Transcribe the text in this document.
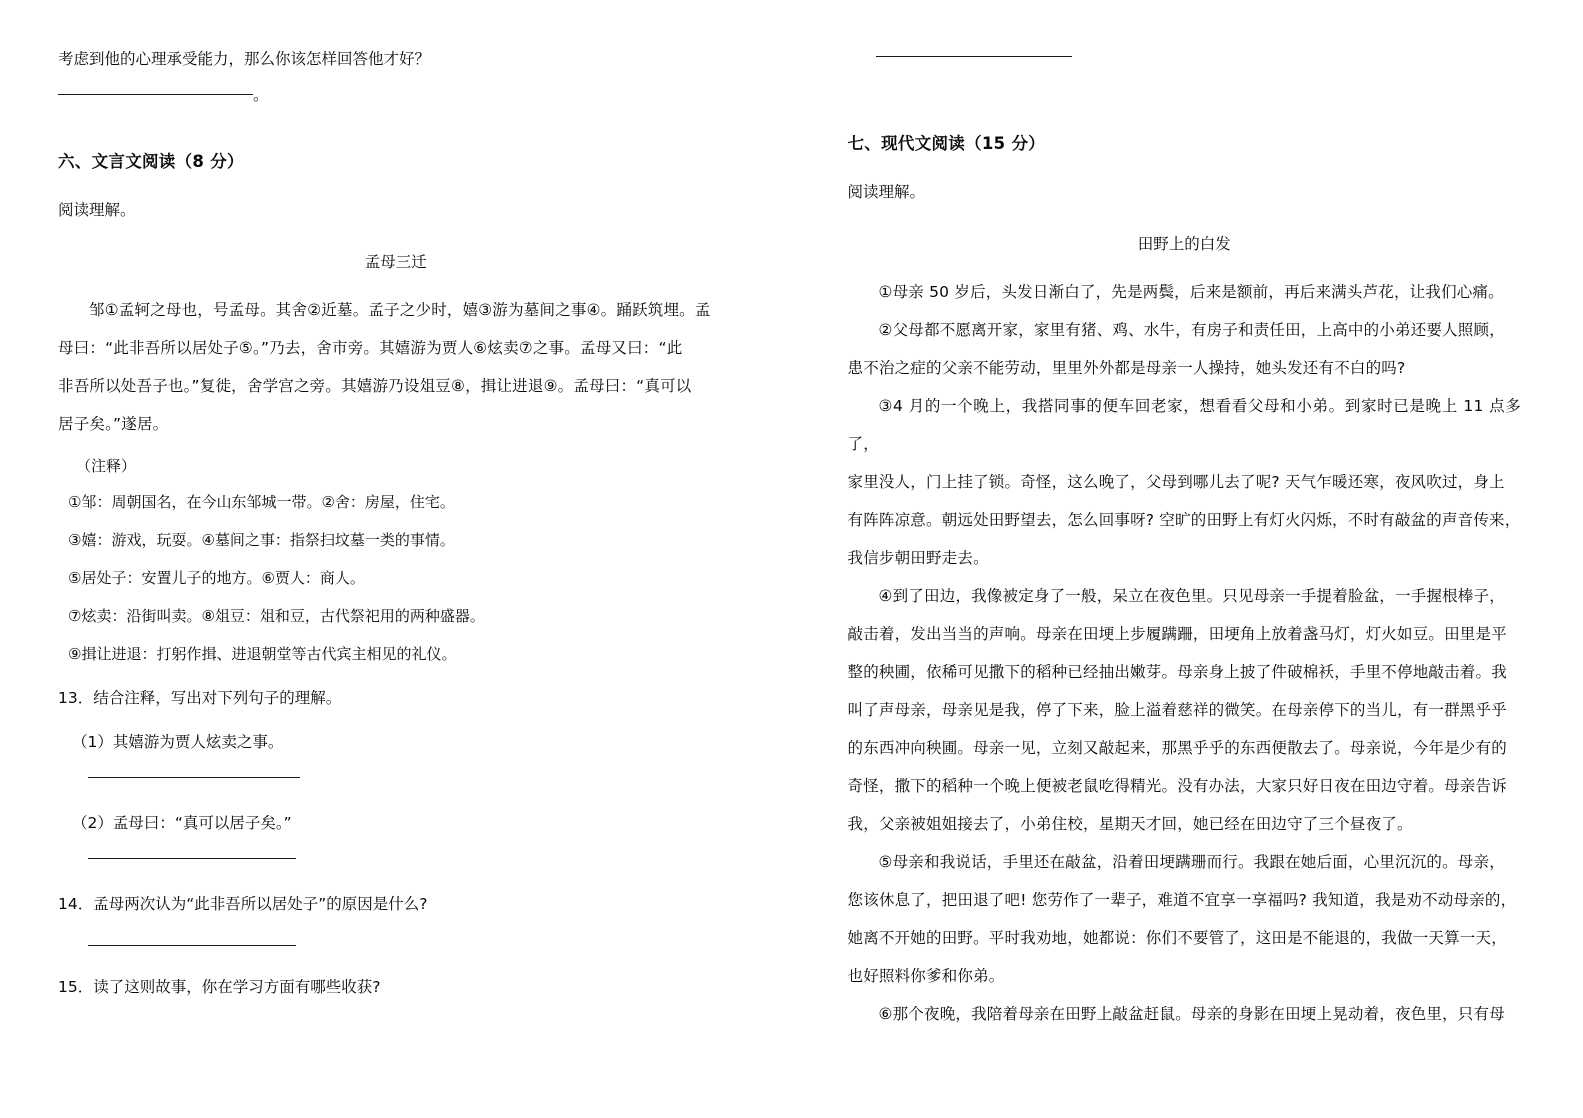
考虑到他的心理承受能力，那么你该怎样回答他才好？

。

六、文言文阅读（8 分）

阅读理解。

孟母三迁

邹①孟轲之母也，号孟母。其舍②近墓。孟子之少时，嬉③游为墓间之事④。踊跃筑埋。孟

母曰：“此非吾所以居处子⑤。”乃去，舍市旁。其嬉游为贾人⑥炫卖⑦之事。孟母又曰：“此

非吾所以处吾子也。”复徙，舍学宫之旁。其嬉游乃设俎豆⑧，揖让进退⑨。孟母曰：“真可以

居子矣。”遂居。

（注释）

①邹：周朝国名，在今山东邹城一带。②舍：房屋，住宅。

③嬉：游戏，玩耍。④墓间之事：指祭扫坟墓一类的事情。

⑤居处子：安置儿子的地方。⑥贾人：商人。

⑦炫卖：沿街叫卖。⑧俎豆：俎和豆，古代祭祀用的两种盛器。

⑨揖让进退：打躬作揖、进退朝堂等古代宾主相见的礼仪。

13．结合注释，写出对下列句子的理解。

（1）其嬉游为贾人炫卖之事。

（2）孟母曰：“真可以居子矣。”

14．孟母两次认为“此非吾所以居处子”的原因是什么?

15．读了这则故事，你在学习方面有哪些收获?

七、现代文阅读（15 分）

阅读理解。

田野上的白发

①母亲 50 岁后，头发日渐白了，先是两鬓，后来是额前，再后来满头芦花，让我们心痛。

②父母都不愿离开家，家里有猪、鸡、水牛，有房子和责任田，上高中的小弟还要人照顾，

患不治之症的父亲不能劳动，里里外外都是母亲一人操持，她头发还有不白的吗?

③4 月的一个晚上，我搭同事的便车回老家，想看看父母和小弟。到家时已是晚上 11 点多了，

家里没人，门上挂了锁。奇怪，这么晚了，父母到哪儿去了呢? 天气乍暖还寒，夜风吹过，身上

有阵阵凉意。朝远处田野望去，怎么回事呀? 空旷的田野上有灯火闪烁，不时有敲盆的声音传来，

我信步朝田野走去。

④到了田边，我像被定身了一般，呆立在夜色里。只见母亲一手提着脸盆，一手握根棒子，

敲击着，发出当当的声响。母亲在田埂上步履蹒跚，田埂角上放着盏马灯，灯火如豆。田里是平

整的秧圃，依稀可见撒下的稻种已经抽出嫩芽。母亲身上披了件破棉袄，手里不停地敲击着。我

叫了声母亲，母亲见是我，停了下来，脸上溢着慈祥的微笑。在母亲停下的当儿，有一群黑乎乎

的东西冲向秧圃。母亲一见，立刻又敲起来，那黑乎乎的东西便散去了。母亲说，今年是少有的

奇怪，撒下的稻种一个晚上便被老鼠吃得精光。没有办法，大家只好日夜在田边守着。母亲告诉

我，父亲被姐姐接去了，小弟住校，星期天才回，她已经在田边守了三个昼夜了。

⑤母亲和我说话，手里还在敲盆，沿着田埂蹒珊而行。我跟在她后面，心里沉沉的。母亲，

您该休息了，把田退了吧! 您劳作了一辈子，难道不宜享一享福吗? 我知道，我是劝不动母亲的，

她离不开她的田野。平时我劝地，她都说：你们不要管了，这田是不能退的，我做一天算一天，

也好照料你爹和你弟。

⑥那个夜晚，我陪着母亲在田野上敲盆赶鼠。母亲的身影在田埂上晃动着，夜色里，只有母
